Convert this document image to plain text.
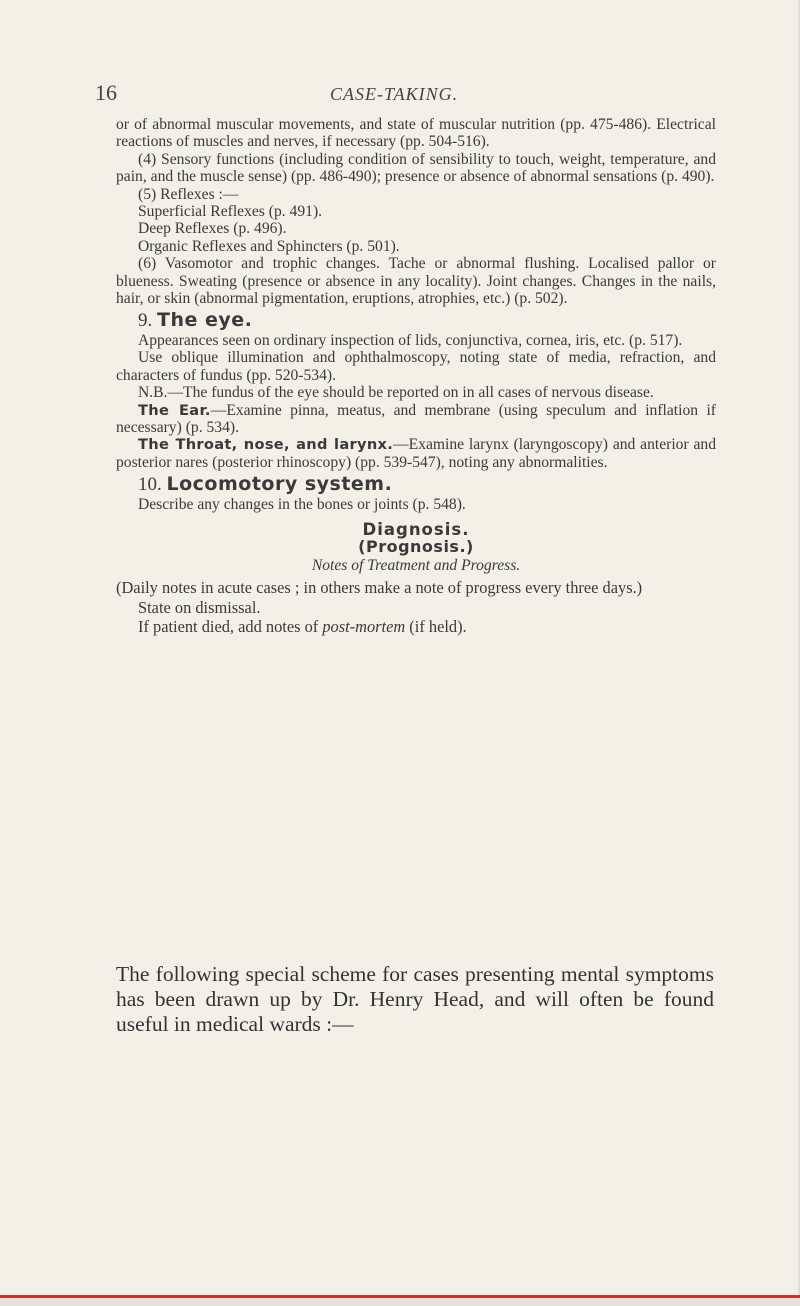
16	CASE-TAKING.

or of abnormal muscular movements, and state of muscular nutrition (pp. 475-486). Electrical reactions of muscles and nerves, if necessary (pp. 504-516).

(4) Sensory functions (including condition of sensibility to touch, weight, temperature, and pain, and the muscle sense) (pp. 486-490); presence or absence of abnormal sensations (p. 490).

(5) Reflexes :—

Superficial Reflexes (p. 491).

Deep Reflexes (p. 496).

Organic Reflexes and Sphincters (p. 501).

(6) Vasomotor and trophic changes. Tache or abnormal flushing. Localised pallor or blueness. Sweating (presence or absence in any locality). Joint changes. Changes in the nails, hair, or skin (abnormal pigmentation, eruptions, atrophies, etc.) (p. 502).

9. The eye.

Appearances seen on ordinary inspection of lids, conjunctiva, cornea, iris, etc. (p. 517).

Use oblique illumination and ophthalmoscopy, noting state of media, refraction, and characters of fundus (pp. 520-534).

N.B.—The fundus of the eye should be reported on in all cases of nervous disease.

The Ear.—Examine pinna, meatus, and membrane (using speculum and inflation if necessary) (p. 534).

The Throat, nose, and larynx.—Examine larynx (laryngoscopy) and anterior and posterior nares (posterior rhinoscopy) (pp. 539-547), noting any abnormalities.

10. Locomotory system.

Describe any changes in the bones or joints (p. 548).

Diagnosis.

(Prognosis.)

Notes of Treatment and Progress.

(Daily notes in acute cases ; in others make a note of progress every three days.)

State on dismissal.

If patient died, add notes of post-mortem (if held).

The following special scheme for cases presenting mental symptoms has been drawn up by Dr. Henry Head, and will often be found useful in medical wards :—
